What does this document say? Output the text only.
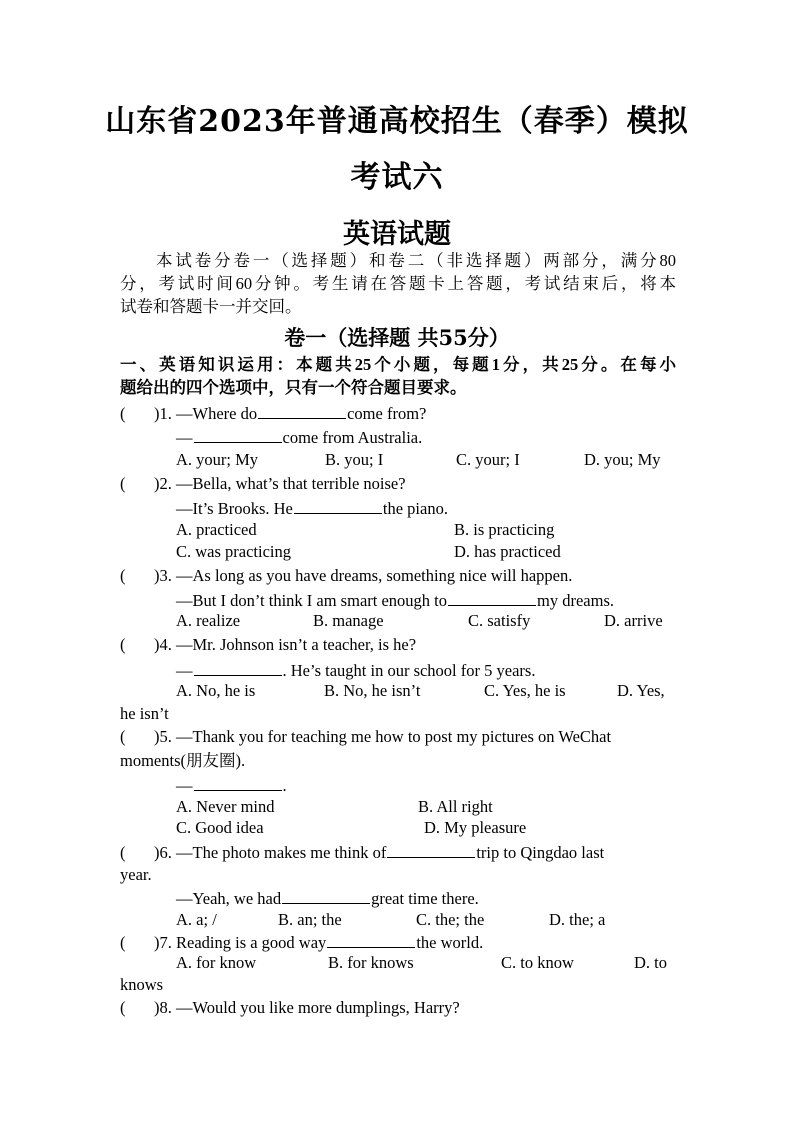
山东省2023年普通高校招生（春季）模拟
考试六
英语试题
本试卷分卷一（选择题）和卷二（非选择题）两部分，满分80
分，考试时间60分钟。考生请在答题卡上答题，考试结束后，将本
试卷和答题卡一并交回。
卷一（选择题 共55分）
一、英语知识运用：本题共25个小题，每题1分，共25分。在每小
题给出的四个选项中，只有一个符合题目要求。
( )1. —Where do	come from?
—	come from Australia.
A. your; My	B. you; I	C. your; I	D. you; My
( )2. —Bella, what’s that terrible noise?
—It’s Brooks. He	the piano.
A. practiced	B. is practicing
C. was practicing	D. has practiced
( )3. —As long as you have dreams, something nice will happen.
—But I don’t think I am smart enough to	my dreams.
A. realize	B. manage	C. satisfy	D. arrive
( )4. —Mr. Johnson isn’t a teacher, is he?
—	. He’s taught in our school for 5 years.
A. No, he is	B. No, he isn’t	C. Yes, he is	D. Yes,
he isn’t
( )5. —Thank you for teaching me how to post my pictures on WeChat
moments(朋友圈).
—	.
A. Never mind	B. All right
C. Good idea	D. My pleasure
( )6. —The photo makes me think of	trip to Qingdao last
year.
—Yeah, we had	great time there.
A. a; /	B. an; the	C. the; the	D. the; a
( )7. Reading is a good way	the world.
A. for know	B. for knows	C. to know	D. to
knows
( )8. —Would you like more dumplings, Harry?
